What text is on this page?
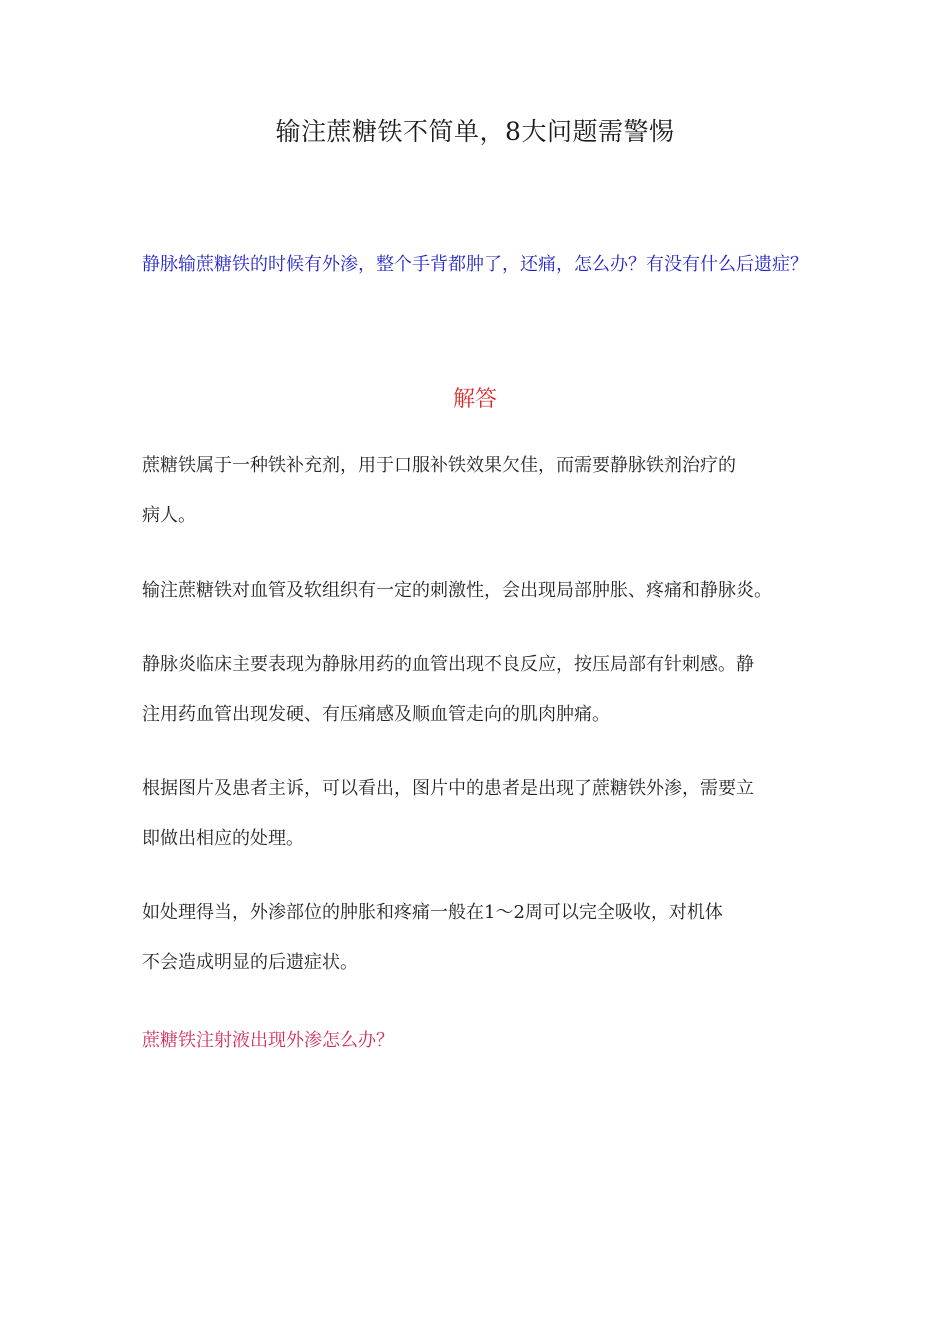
输注蔗糖铁不简单，8大问题需警惕

静脉输蔗糖铁的时候有外渗，整个手背都肿了，还痛，怎么办？有没有什么后遗症？

解答
蔗糖铁属于一种铁补充剂，用于口服补铁效果欠佳，而需要静脉铁剂治疗的
病人。
输注蔗糖铁对血管及软组织有一定的刺激性，会出现局部肿胀、疼痛和静脉炎。
静脉炎临床主要表现为静脉用药的血管出现不良反应，按压局部有针刺感。静
注用药血管出现发硬、有压痛感及顺血管走向的肌肉肿痛。
根据图片及患者主诉，可以看出，图片中的患者是出现了蔗糖铁外渗，需要立
即做出相应的处理。
如处理得当，外渗部位的肿胀和疼痛一般在1～2周可以完全吸收，对机体
不会造成明显的后遗症状。

蔗糖铁注射液出现外渗怎么办？
